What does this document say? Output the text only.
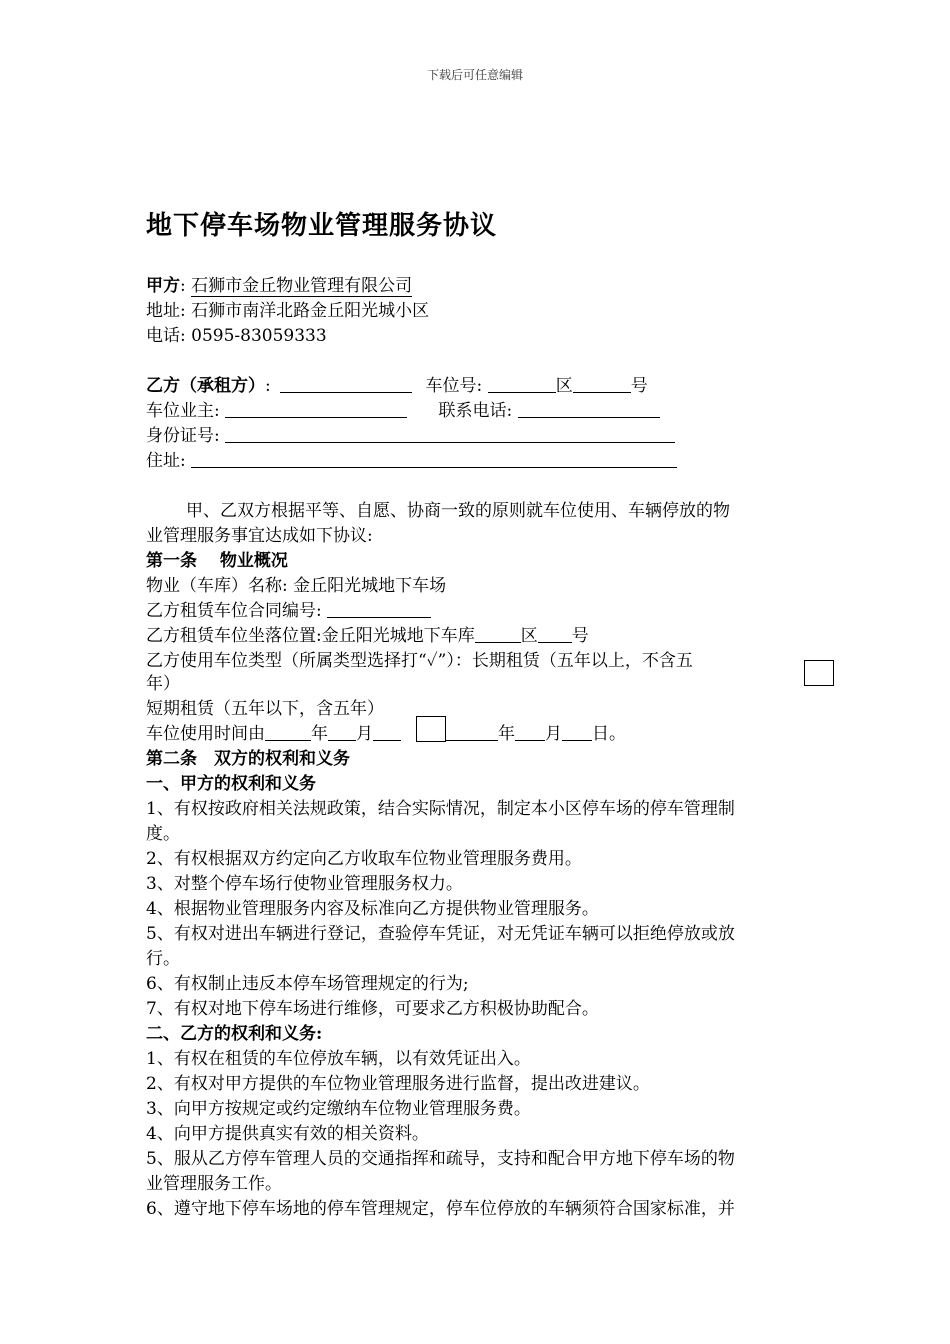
下载后可任意编辑
地下停车场物业管理服务协议
甲方: 石狮市金丘物业管理有限公司
地址: 石狮市南洋北路金丘阳光城小区
电话: 0595-83059333
乙方（承租方）:	车位号:	区	号
车位业主:	联系电话:
身份证号:
住址:
甲、乙双方根据平等、自愿、协商一致的原则就车位使用、车辆停放的物
业管理服务事宜达成如下协议:
第一条　 物业概况
物业（车库）名称: 金丘阳光城地下车场
乙方租赁车位合同编号:
乙方租赁车位坐落位置:金丘阳光城地下车库	区 号
乙方使用车位类型（所属类型选择打“✓”）：长期租赁（五年以上，不含五
年）
短期租赁（五年以下，含五年）
车位使用时间由	年 月	年 月 日。
第二条　双方的权利和义务
一、甲方的权利和义务
1、有权按政府相关法规政策，结合实际情况，制定本小区停车场的停车管理制
度。
2、有权根据双方约定向乙方收取车位物业管理服务费用。
3、对整个停车场行使物业管理服务权力。
4、根据物业管理服务内容及标准向乙方提供物业管理服务。
5、有权对进出车辆进行登记，查验停车凭证，对无凭证车辆可以拒绝停放或放
行。
6、有权制止违反本停车场管理规定的行为;
7、有权对地下停车场进行维修，可要求乙方积极协助配合。
二、乙方的权利和义务:
1、有权在租赁的车位停放车辆，以有效凭证出入。
2、有权对甲方提供的车位物业管理服务进行监督，提出改进建议。
3、向甲方按规定或约定缴纳车位物业管理服务费。
4、向甲方提供真实有效的相关资料。
5、服从乙方停车管理人员的交通指挥和疏导，支持和配合甲方地下停车场的物
业管理服务工作。
6、遵守地下停车场地的停车管理规定，停车位停放的车辆须符合国家标准，并
